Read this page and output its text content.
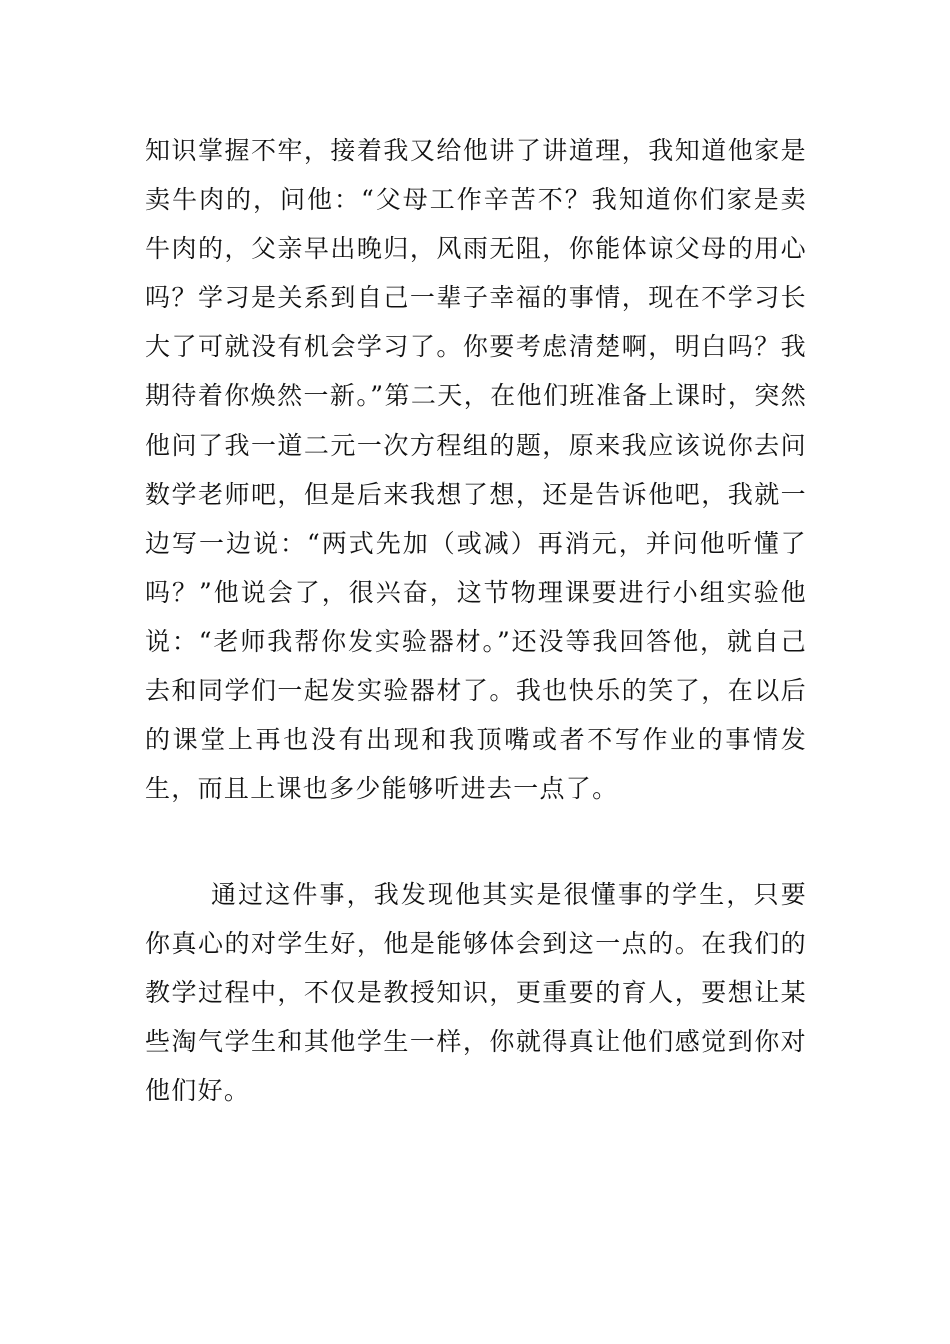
知识掌握不牢，接着我又给他讲了讲道理，我知道他家是卖牛肉的，问他：“父母工作辛苦不？我知道你们家是卖牛肉的，父亲早出晚归，风雨无阻，你能体谅父母的用心吗？学习是关系到自己一辈子幸福的事情，现在不学习长大了可就没有机会学习了。你要考虑清楚啊，明白吗？我期待着你焕然一新。”第二天，在他们班准备上课时，突然他问了我一道二元一次方程组的题，原来我应该说你去问数学老师吧，但是后来我想了想，还是告诉他吧，我就一边写一边说：“两式先加（或减）再消元，并问他听懂了吗？”他说会了，很兴奋，这节物理课要进行小组实验他说：“老师我帮你发实验器材。”还没等我回答他，就自己去和同学们一起发实验器材了。我也快乐的笑了，在以后的课堂上再也没有出现和我顶嘴或者不写作业的事情发生，而且上课也多少能够听进去一点了。

通过这件事，我发现他其实是很懂事的学生，只要你真心的对学生好，他是能够体会到这一点的。在我们的教学过程中，不仅是教授知识，更重要的育人，要想让某些淘气学生和其他学生一样，你就得真让他们感觉到你对他们好。
